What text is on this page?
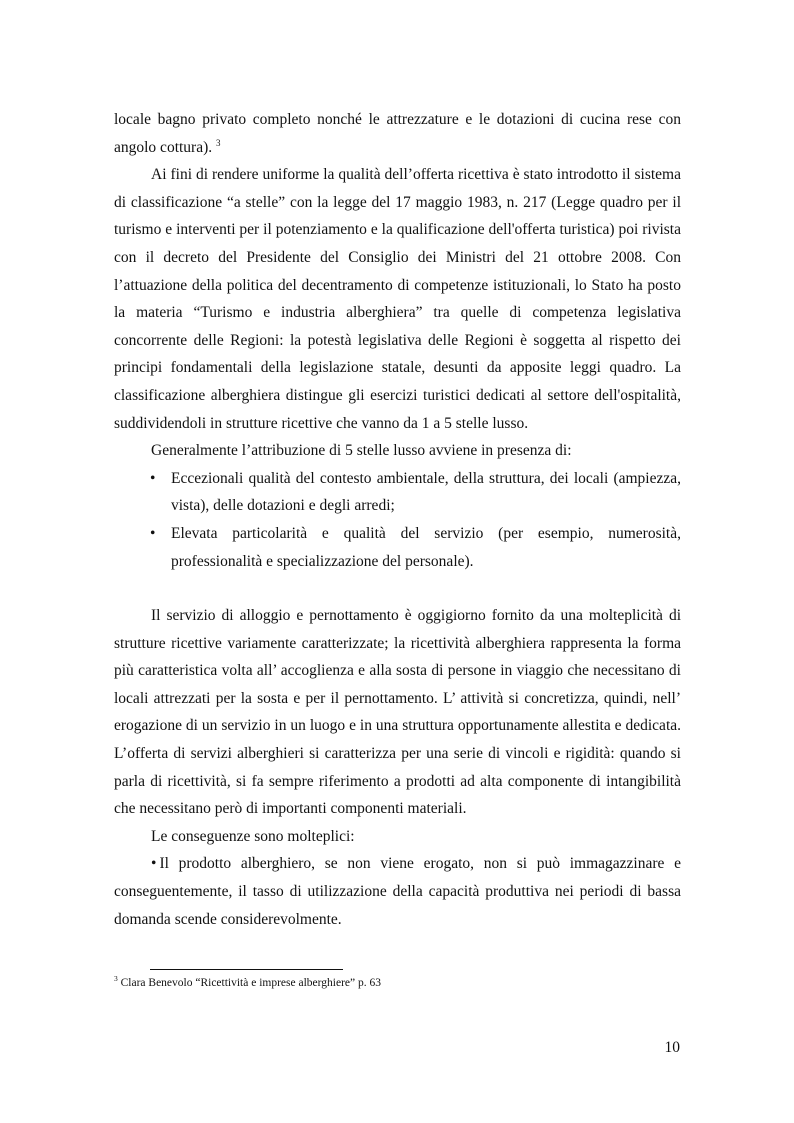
locale bagno privato completo nonché le attrezzature e le dotazioni di cucina rese con angolo cottura). $^3$

Ai fini di rendere uniforme la qualità dell’offerta ricettiva è stato introdotto il sistema di classificazione “a stelle” con la legge del 17 maggio 1983, n. 217 (Legge quadro per il turismo e interventi per il potenziamento e la qualificazione dell'offerta turistica) poi rivista con il decreto del Presidente del Consiglio dei Ministri del 21 ottobre 2008. Con l’attuazione della politica del decentramento di competenze istituzionali, lo Stato ha posto la materia “Turismo e industria alberghiera” tra quelle di competenza legislativa concorrente delle Regioni: la potestà legislativa delle Regioni è soggetta al rispetto dei principi fondamentali della legislazione statale, desunti da apposite leggi quadro. La classificazione alberghiera distingue gli esercizi turistici dedicati al settore dell'ospitalità, suddividendoli in strutture ricettive che vanno da 1 a 5 stelle lusso.

Generalmente l’attribuzione di 5 stelle lusso avviene in presenza di:

• Eccezionali qualità del contesto ambientale, della struttura, dei locali (ampiezza, vista), delle dotazioni e degli arredi;
• Elevata particolarità e qualità del servizio (per esempio, numerosità, professionalità e specializzazione del personale).

Il servizio di alloggio e pernottamento è oggigiorno fornito da una molteplicità di strutture ricettive variamente caratterizzate; la ricettività alberghiera rappresenta la forma più caratteristica volta all’ accoglienza e alla sosta di persone in viaggio che necessitano di locali attrezzati per la sosta e per il pernottamento. L’ attività si concretizza, quindi, nell’ erogazione di un servizio in un luogo e in una struttura opportunamente allestita e dedicata. L’offerta di servizi alberghieri si caratterizza per una serie di vincoli e rigidità: quando si parla di ricettività, si fa sempre riferimento a prodotti ad alta componente di intangibilità che necessitano però di importanti componenti materiali.

Le conseguenze sono molteplici:

• Il prodotto alberghiero, se non viene erogato, non si può immagazzinare e conseguentemente, il tasso di utilizzazione della capacità produttiva nei periodi di bassa domanda scende considerevolmente.

$^3$ Clara Benevolo “Ricettività e imprese alberghiere” p. 63
10
